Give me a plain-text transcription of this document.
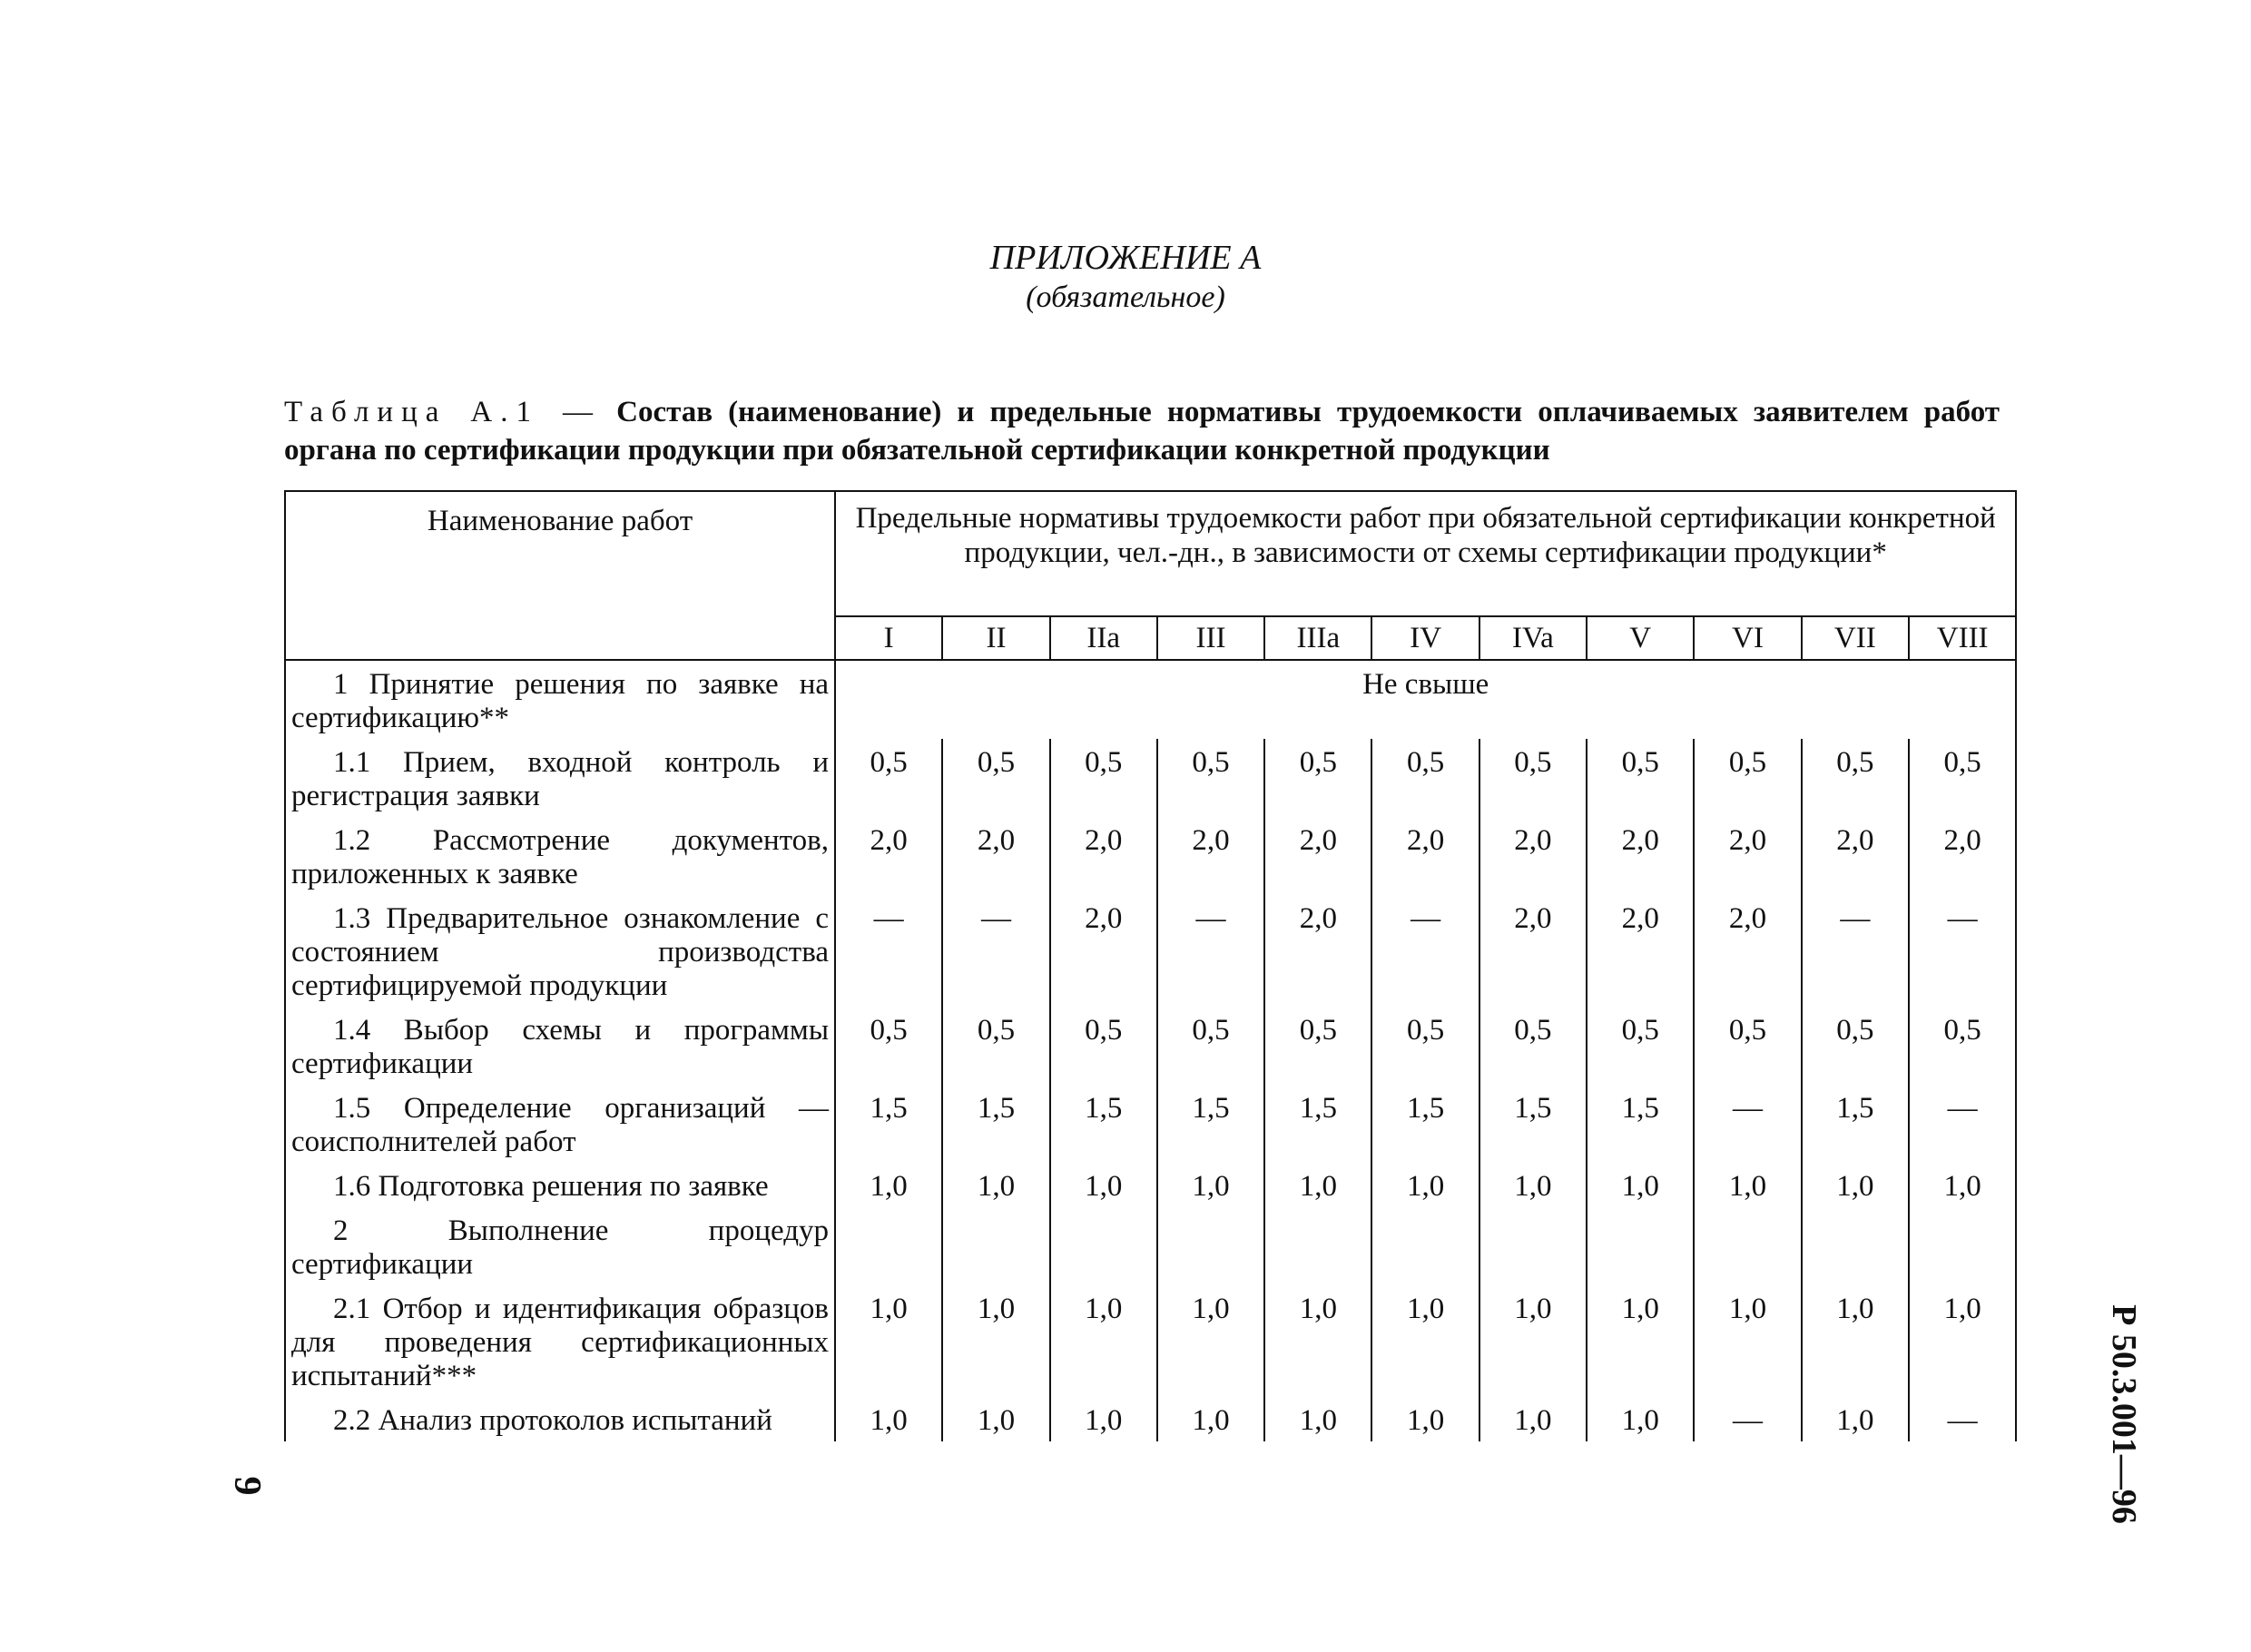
ПРИЛОЖЕНИЕ А
(обязательное)
Таблица А.1 — Состав (наименование) и предельные нормативы трудоемкости оплачиваемых заявителем работ органа по сертификации продукции при обязательной сертификации конкретной продукции
Наименование работ	Предельные нормативы трудоемкости работ при обязательной сертификации конкретной продукции, чел.-дн., в зависимости от схемы сертификации продукции*										
	I	II	IIa	III	IIIa	IV	IVa	V	VI	VII	VIII
1 Принятие решения по заявке на сертификацию**	Не свыше										
1.1 Прием, входной контроль и регистрация заявки	0,5	0,5	0,5	0,5	0,5	0,5	0,5	0,5	0,5	0,5	0,5
1.2 Рассмотрение документов, приложенных к заявке	2,0	2,0	2,0	2,0	2,0	2,0	2,0	2,0	2,0	2,0	2,0
1.3 Предварительное ознакомление с состоянием производства сертифицируемой продукции	—	—	2,0	—	2,0	—	2,0	2,0	2,0	—	—
1.4 Выбор схемы и программы сертификации	0,5	0,5	0,5	0,5	0,5	0,5	0,5	0,5	0,5	0,5	0,5
1.5 Определение организаций — соисполнителей работ	1,5	1,5	1,5	1,5	1,5	1,5	1,5	1,5	—	1,5	—
1.6 Подготовка решения по заявке	1,0	1,0	1,0	1,0	1,0	1,0	1,0	1,0	1,0	1,0	1,0
2 Выполнение процедур сертификации											
2.1 Отбор и идентификация образцов для проведения сертификационных испытаний***	1,0	1,0	1,0	1,0	1,0	1,0	1,0	1,0	1,0	1,0	1,0
2.2 Анализ протоколов испытаний	1,0	1,0	1,0	1,0	1,0	1,0	1,0	1,0	—	1,0	—	Р 50.3.001—96
9
